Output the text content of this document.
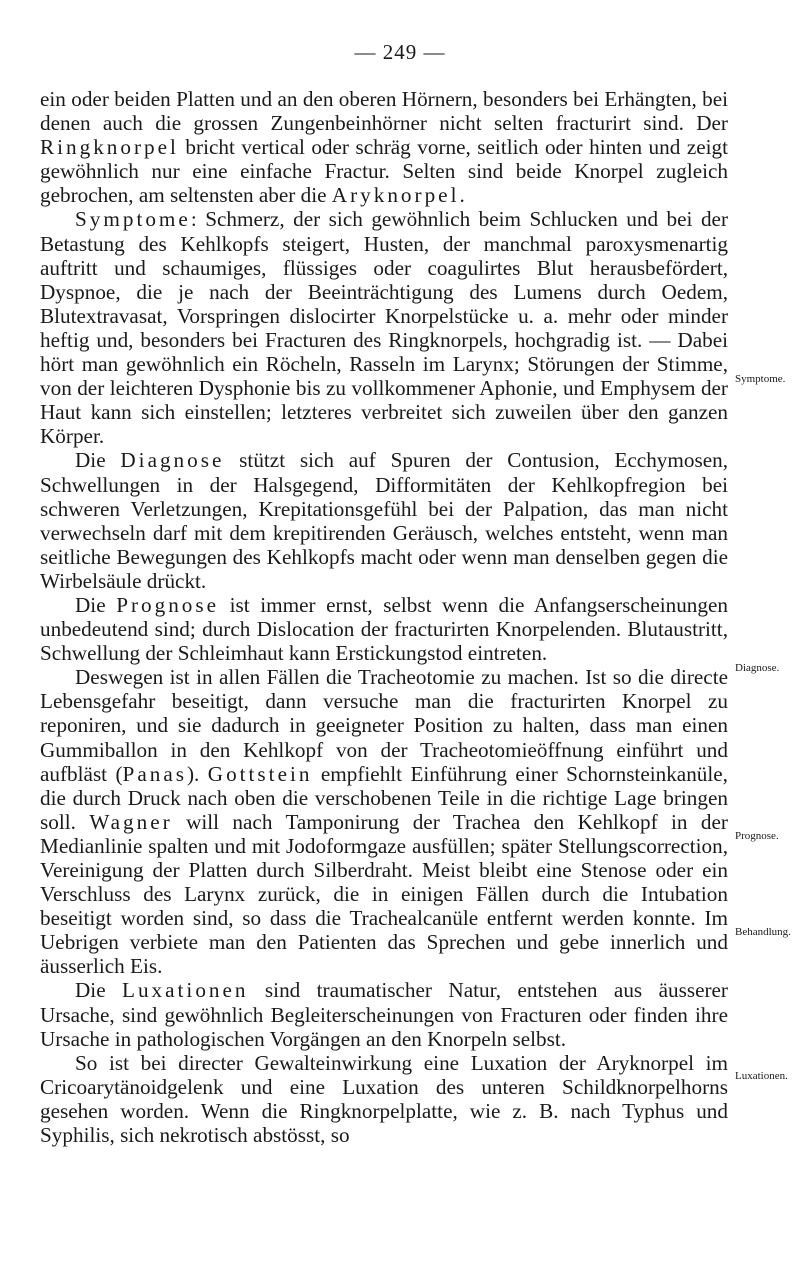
— 249 —

ein oder beiden Platten und an den oberen Hörnern, besonders bei Erhängten, bei denen auch die grossen Zungenbeinhörner nicht selten fracturirt sind. Der Ringknorpel bricht vertical oder schräg vorne, seitlich oder hinten und zeigt gewöhnlich nur eine einfache Fractur. Selten sind beide Knorpel zugleich gebrochen, am seltensten aber die Aryknorpel.

Symptome: Schmerz, der sich gewöhnlich beim Schlucken und bei der Betastung des Kehlkopfs steigert, Husten, der manchmal paroxysmenartig auftritt und schaumiges, flüssiges oder coagulirtes Blut herausbefördert, Dyspnoe, die je nach der Beeinträchtigung des Lumens durch Oedem, Blutextravasat, Vorspringen dislocirter Knorpelstücke u. a. mehr oder minder heftig und, besonders bei Fracturen des Ringknorpels, hochgradig ist. — Dabei hört man gewöhnlich ein Röcheln, Rasseln im Larynx; Störungen der Stimme, von der leichteren Dysphonie bis zu vollkommener Aphonie, und Emphysem der Haut kann sich einstellen; letzteres verbreitet sich zuweilen über den ganzen Körper.

Die Diagnose stützt sich auf Spuren der Contusion, Ecchymosen, Schwellungen in der Halsgegend, Difformitäten der Kehlkopfregion bei schweren Verletzungen, Krepitationsgefühl bei der Palpation, das man nicht verwechseln darf mit dem krepitirenden Geräusch, welches entsteht, wenn man seitliche Bewegungen des Kehlkopfs macht oder wenn man denselben gegen die Wirbelsäule drückt.

Die Prognose ist immer ernst, selbst wenn die Anfangserscheinungen unbedeutend sind; durch Dislocation der fracturirten Knorpelenden. Blutaustritt, Schwellung der Schleimhaut kann Erstickungstod eintreten.

Deswegen ist in allen Fällen die Tracheotomie zu machen. Ist so die directe Lebensgefahr beseitigt, dann versuche man die fracturirten Knorpel zu reponiren, und sie dadurch in geeigneter Position zu halten, dass man einen Gummiballon in den Kehlkopf von der Tracheotomieöffnung einführt und aufbläst (Panas). Gottstein empfiehlt Einführung einer Schornsteinkanüle, die durch Druck nach oben die verschobenen Teile in die richtige Lage bringen soll. Wagner will nach Tamponirung der Trachea den Kehlkopf in der Medianlinie spalten und mit Jodoformgaze ausfüllen; später Stellungscorrection, Vereinigung der Platten durch Silberdraht. Meist bleibt eine Stenose oder ein Verschluss des Larynx zurück, die in einigen Fällen durch die Intubation beseitigt worden sind, so dass die Trachealcanüle entfernt werden konnte. Im Uebrigen verbiete man den Patienten das Sprechen und gebe innerlich und äusserlich Eis.

Die Luxationen sind traumatischer Natur, entstehen aus äusserer Ursache, sind gewöhnlich Begleiterscheinungen von Fracturen oder finden ihre Ursache in pathologischen Vorgängen an den Knorpeln selbst.

So ist bei directer Gewalteinwirkung eine Luxation der Aryknorpel im Cricoarytänoidgelenk und eine Luxation des unteren Schildknorpelhorns gesehen worden. Wenn die Ringknorpelplatte, wie z. B. nach Typhus und Syphilis, sich nekrotisch abstösst, so

Symptome.
Diagnose.
Prognose.
Behandlung.
Luxationen.
